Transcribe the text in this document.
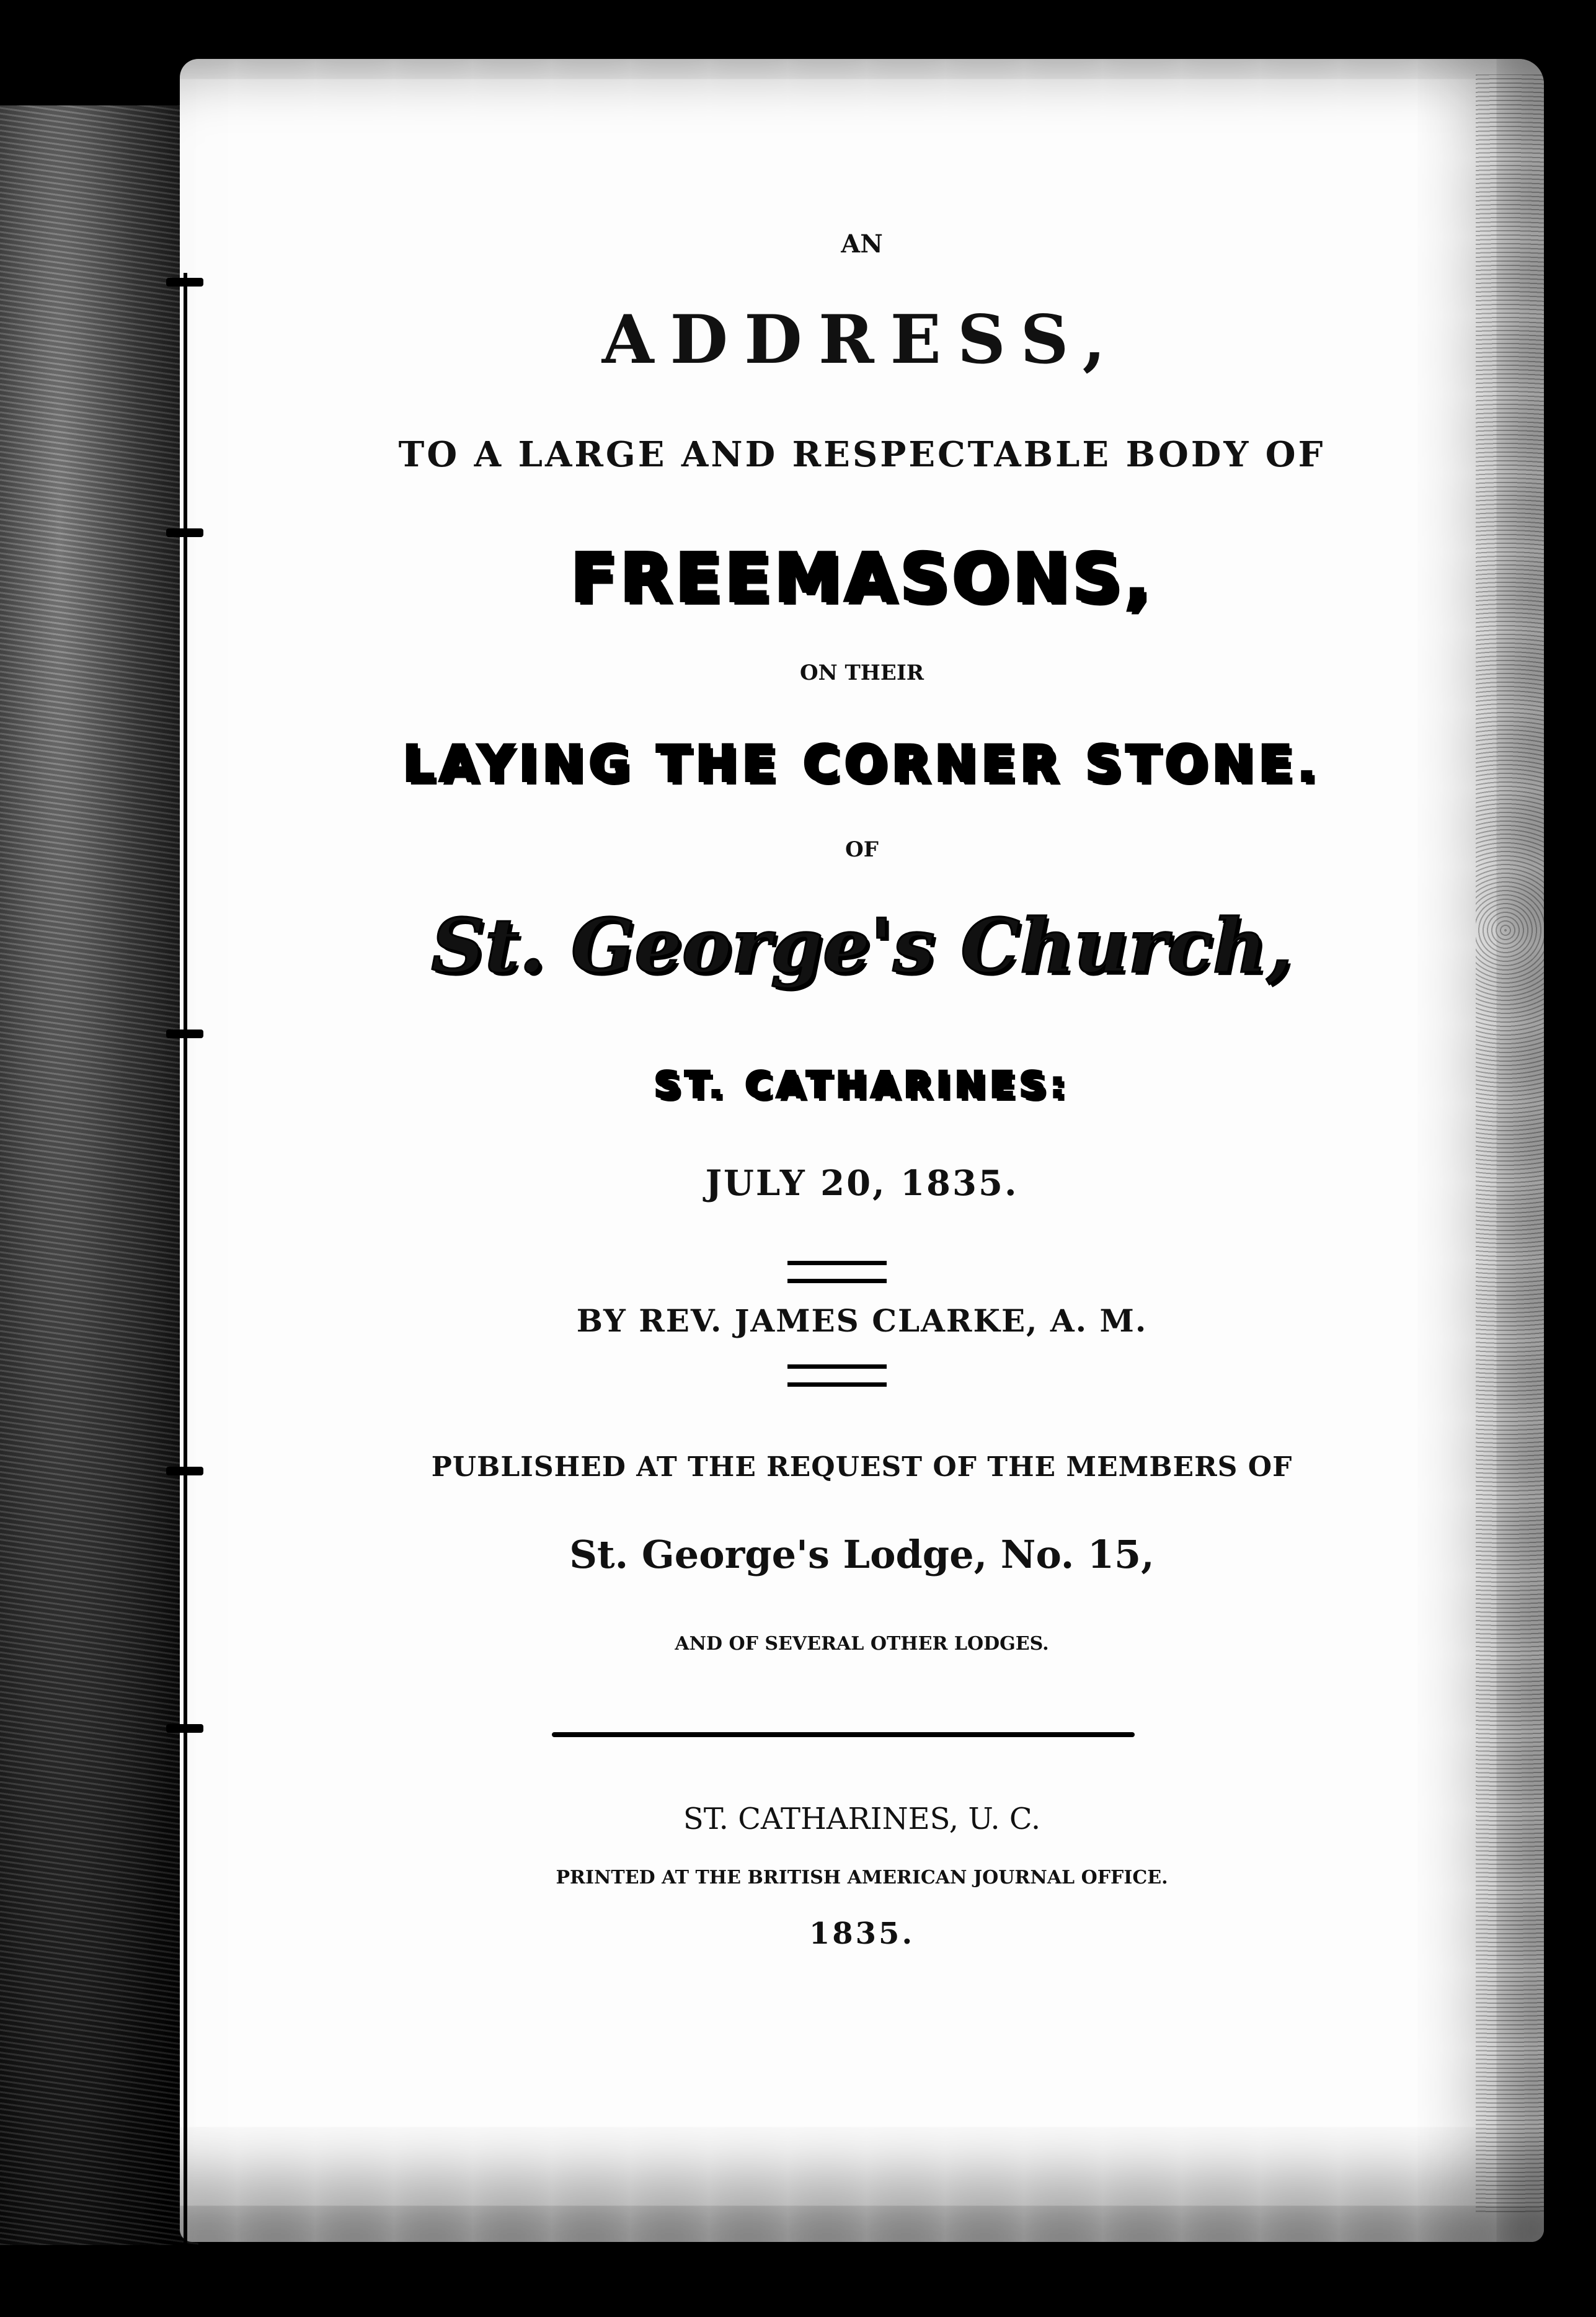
AN
ADDRESS,
TO A LARGE AND RESPECTABLE BODY OF
FREEMASONS,
ON THEIR
LAYING THE CORNER STONE.
OF
St. George's Church,
ST. CATHARINES:
JULY 20, 1835.
BY REV. JAMES CLARKE, A. M.
PUBLISHED AT THE REQUEST OF THE MEMBERS OF
St. George's Lodge, No. 15,
AND OF SEVERAL OTHER LODGES.
ST. CATHARINES, U. C.
PRINTED AT THE BRITISH AMERICAN JOURNAL OFFICE.
1835.
